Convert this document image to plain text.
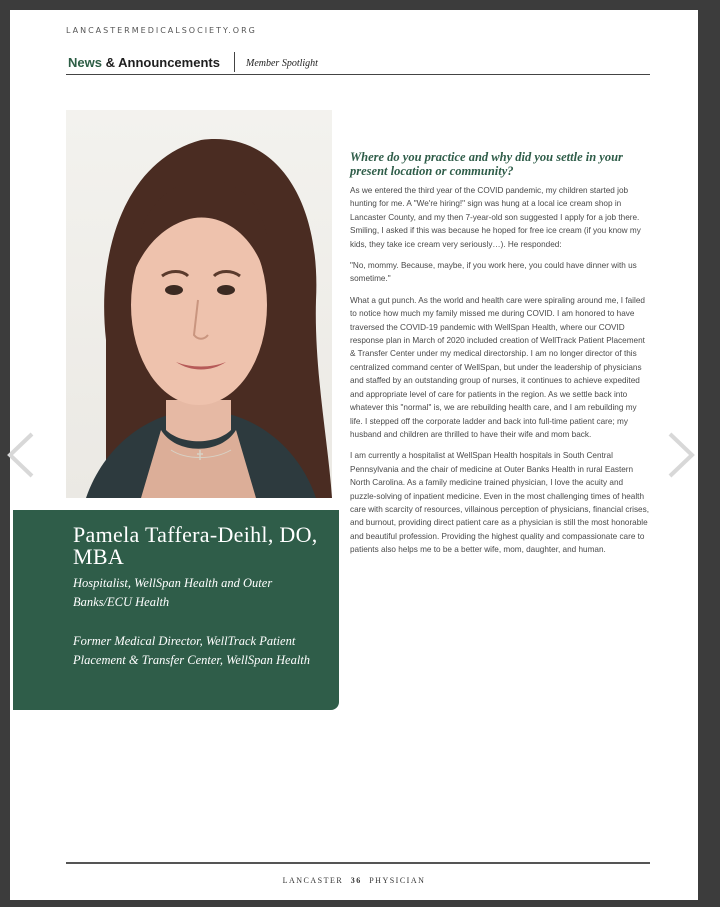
LANCASTERMEDICALSOCIETY.ORG
News & Announcements	Member Spotlight
Pamela Taffera-Deihl, DO, MBA
Hospitalist, WellSpan Health and Outer Banks/ECU Health
Former Medical Director, WellTrack Patient Placement & Transfer Center, WellSpan Health
Where do you practice and why did you settle in your present location or community?

As we entered the third year of the COVID pandemic, my children started job hunting for me. A "We're hiring!" sign was hung at a local ice cream shop in Lancaster County, and my then 7-year-old son suggested I apply for a job there. Smiling, I asked if this was because he hoped for free ice cream (if you know my kids, they take ice cream very seriously…). He responded:

"No, mommy. Because, maybe, if you work here, you could have dinner with us sometime."

What a gut punch. As the world and health care were spiraling around me, I failed to notice how much my family missed me during COVID. I am honored to have traversed the COVID-19 pandemic with WellSpan Health, where our COVID response plan in March of 2020 included creation of WellTrack Patient Placement & Transfer Center under my medical directorship. I am no longer director of this centralized command center of WellSpan, but under the leadership of physicians and staffed by an outstanding group of nurses, it continues to achieve expedited and appropriate level of care for patients in the region. As we settle back into whatever this "normal" is, we are rebuilding health care, and I am rebuilding my life. I stepped off the corporate ladder and back into full-time patient care; my husband and children are thrilled to have their wife and mom back.

I am currently a hospitalist at WellSpan Health hospitals in South Central Pennsylvania and the chair of medicine at Outer Banks Health in rural Eastern North Carolina. As a family medicine trained physician, I love the acuity and puzzle-solving of inpatient medicine. Even in the most challenging times of health care with scarcity of resources, villainous perception of physicians, financial crises, and burnout, providing direct patient care as a physician is still the most honorable and beautiful profession. Providing the highest quality and compassionate care to patients also helps me to be a better wife, mom, daughter, and human.

LANCASTER 36 PHYSICIAN
